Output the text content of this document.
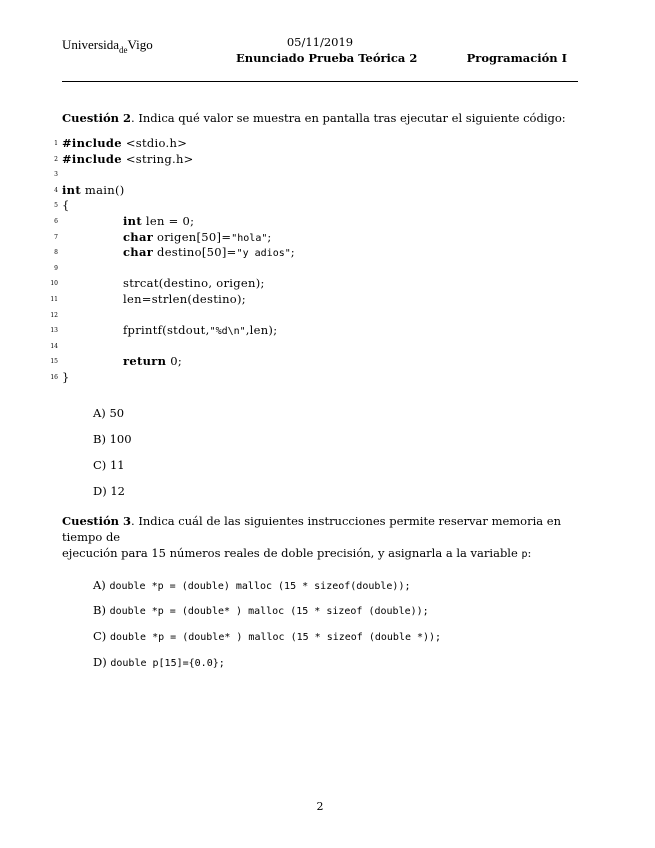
Universida$_{de}$Vigo	05/11/2019
Enunciado Prueba Teórica 2	Programación I
Cuestión 2. Indica qué valor se muestra en pantalla tras ejecutar el siguiente código:
1 #include <stdio.h>
2 #include <string.h>
3
4 int main()
5 {
6	int len = 0;
7	char origen[50]="hola";
8	char destino[50]="y adios";
9
10	strcat(destino, origen);
11	len=strlen(destino);
12
13	fprintf(stdout,"%d\n",len);
14
15	return 0;
16 }
A) 50
B) 100
C) 11
D) 12
Cuestión 3. Indica cuál de las siguientes instrucciones permite reservar memoria en tiempo de
ejecución para 15 números reales de doble precisión, y asignarla a la variable p:
A) double *p = (double) malloc (15 * sizeof(double));
B) double *p = (double* ) malloc (15 * sizeof (double));
C) double *p = (double* ) malloc (15 * sizeof (double *));
D) double p[15]={0.0};
2
